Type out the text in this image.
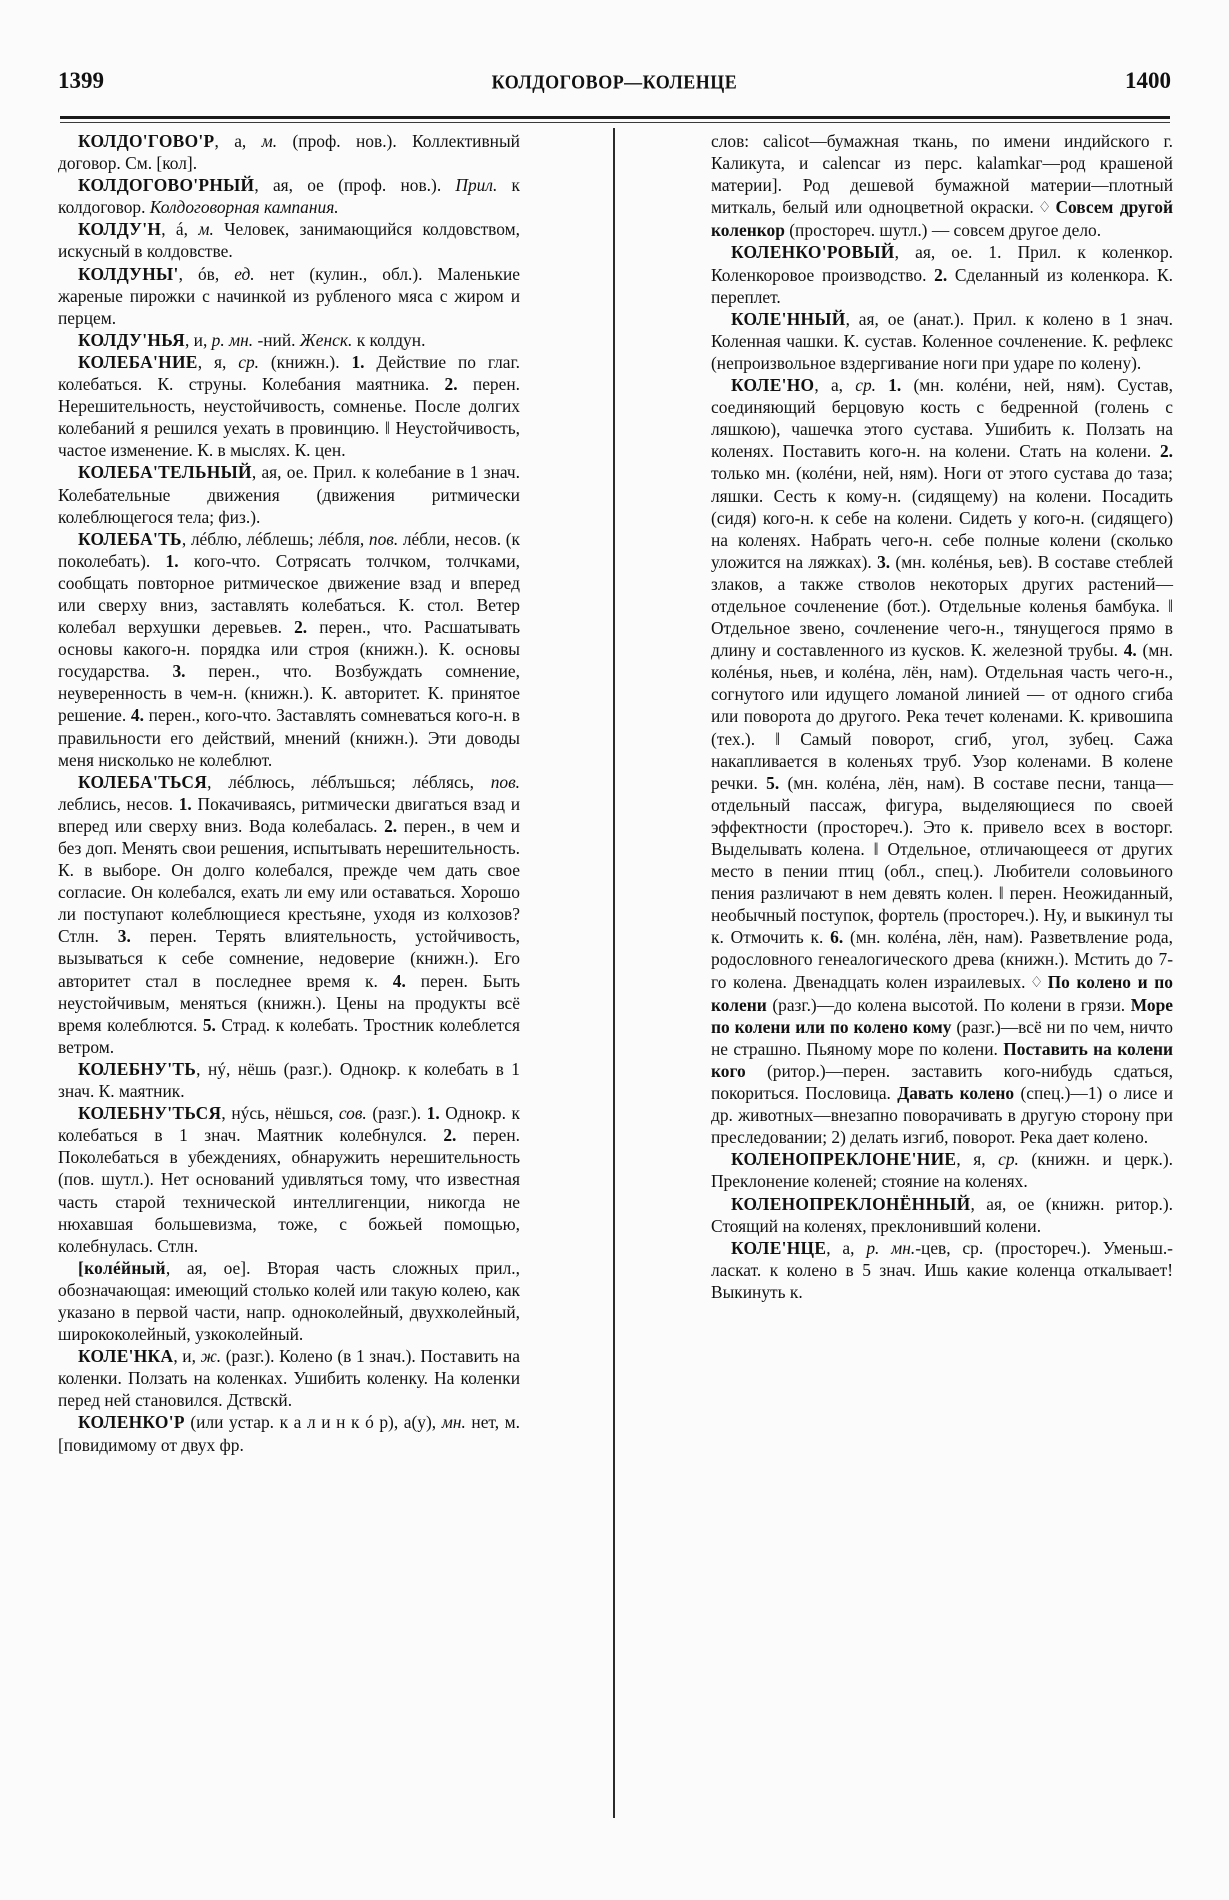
1399	КОЛДОГОВОР—КОЛЕНЦЕ	1400

КОЛДО'ГОВО'Р, а, м. (проф. нов.). Коллективный договор. См. [кол].

КОЛДОГОВО'РНЫЙ, ая, ое (проф. нов.). Прил. к колдоговор. Колдоговорная кампания.

КОЛДУ'Н, á, м. Человек, занимающийся колдовством, искусный в колдовстве.

КОЛДУНЫ', óв, ед. нет (кулин., обл.). Маленькие жареные пирожки с начинкой из рубленого мяса с жиром и перцем.

КОЛДУ'НЬЯ, и, р. мн. -ний. Женск. к колдун.

КОЛЕБА'НИЕ, я, ср. (книжн.). 1. Действие по глаг. колебаться. К. струны. Колебания маятника. 2. перен. Нерешительность, неустойчивость, сомненье. После долгих колебаний я решился уехать в провинцию. ‖ Неустойчивость, частое изменение. К. в мыслях. К. цен.

КОЛЕБА'ТЕЛЬНЫЙ, ая, ое. Прил. к колебание в 1 знач. Колебательные движения (движения ритмически колеблющегося тела; физ.).

КОЛЕБА'ТЬ, лéблю, лéблешь; лéбля, пов. лéбли, несов. (к поколебать). 1. кого-что. Сотрясать толчком, толчками, сообщать повторное ритмическое движение взад и вперед или сверху вниз, заставлять колебаться. К. стол. Ветер колебал верхушки деревьев. 2. перен., что. Расшатывать основы какого-н. порядка или строя (книжн.). К. основы государства. 3. перен., что. Возбуждать сомнение, неуверенность в чем-н. (книжн.). К. авторитет. К. принятое решение. 4. перен., кого-что. Заставлять сомневаться кого-н. в правильности его действий, мнений (книжн.). Эти доводы меня нисколько не колеблют.

КОЛЕБА'ТЬСЯ, лéблюсь, лéблъшься; лéблясь, пов. леблись, несов. 1. Покачиваясь, ритмически двигаться взад и вперед или сверху вниз. Вода колебалась. 2. перен., в чем и без доп. Менять свои решения, испытывать нерешительность. К. в выборе. Он долго колебался, прежде чем дать свое согласие. Он колебался, ехать ли ему или оставаться. Хорошо ли поступают колеблющиеся крестьяне, уходя из колхозов? Стлн. 3. перен. Терять влиятельность, устойчивость, вызываться к себе сомнение, недоверие (книжн.). Его авторитет стал в последнее время к. 4. перен. Быть неустойчивым, меняться (книжн.). Цены на продукты всё время колеблются. 5. Страд. к колебать. Тростник колеблется ветром.

КОЛЕБНУ'ТЬ, нý, нёшь (разг.). Однокр. к колебать в 1 знач. К. маятник.

КОЛЕБНУ'ТЬСЯ, нýсь, нёшься, сов. (разг.). 1. Однокр. к колебаться в 1 знач. Маятник колебнулся. 2. перен. Поколебаться в убеждениях, обнаружить нерешительность (пов. шутл.). Нет оснований удивляться тому, что известная часть старой технической интеллигенции, никогда не нюхавшая большевизма, тоже, с божьей помощью, колебнулась. Стлн.

[колéйный, ая, ое]. Вторая часть сложных прил., обозначающая: имеющий столько колей или такую колею, как указано в первой части, напр. одноколейный, двухколейный, ширококолейный, узкоколейный.

КОЛЕ'НКА, и, ж. (разг.). Колено (в 1 знач.). Поставить на коленки. Ползать на коленках. Ушибить коленку. На коленки перед ней становился. Дствскй.

КОЛЕНКО'Р (или устар. к а л и н к ó р), а(у), мн. нет, м. [повидимому от двух фр.

слов: calicot—бумажная ткань, по имени индийского г. Каликута, и calencar из перс. kalamkaг—род крашеной материи]. Род дешевой бумажной материи—плотный миткаль, белый или одноцветной окраски. ♢ Совсем другой коленкор (простореч. шутл.) — совсем другое дело.

КОЛЕНКО'РОВЫЙ, ая, ое. 1. Прил. к коленкор. Коленкоровое производство. 2. Сделанный из коленкора. К. переплет.

КОЛЕ'ННЫЙ, ая, ое (анат.). Прил. к колено в 1 знач. Коленная чашки. К. сустав. Коленное сочленение. К. рефлекс (непроизвольное вздергивание ноги при ударе по колену).

КОЛЕ'НО, а, ср. 1. (мн. колéни, ней, ням). Сустав, соединяющий берцовую кость с бедренной (голень с ляшкою), чашечка этого сустава. Ушибить к. Ползать на коленях. Поставить кого-н. на колени. Стать на колени. 2. только мн. (колéни, ней, ням). Ноги от этого сустава до таза; ляшки. Сесть к кому-н. (сидящему) на колени. Посадить (сидя) кого-н. к себе на колени. Сидеть у кого-н. (сидящего) на коленях. Набрать чего-н. себе полные колени (сколько уложится на ляжках). 3. (мн. колéнья, ьев). В составе стеблей злаков, а также стволов некоторых других растений—отдельное сочленение (бот.). Отдельные коленья бамбука. ‖ Отдельное звено, сочленение чего-н., тянущегося прямо в длину и составленного из кусков. К. железной трубы. 4. (мн. колéнья, ньев, и колéна, лён, нам). Отдельная часть чего-н., согнутого или идущего ломаной линией — от одного сгиба или поворота до другого. Река течет коленами. К. кривошипа (тех.). ‖ Самый поворот, сгиб, угол, зубец. Сажа накапливается в коленьях труб. Узор коленами. В колене речки. 5. (мн. колéна, лён, нам). В составе песни, танца—отдельный пассаж, фигура, выделяющиеся по своей эффектности (простореч.). Это к. привело всех в восторг. Выделывать колена. ‖ Отдельное, отличающееся от других место в пении птиц (обл., спец.). Любители соловьиного пения различают в нем девять колен. ‖ перен. Неожиданный, необычный поступок, фортель (простореч.). Ну, и выкинул ты к. Отмочить к. 6. (мн. колéна, лён, нам). Разветвление рода, родословного генеалогического древа (книжн.). Мстить до 7-го колена. Двенадцать колен израилевых. ♢ По колено и по колени (разг.)—до колена высотой. По колени в грязи. Море по колени или по колено кому (разг.)—всё ни по чем, ничто не страшно. Пьяному море по колени. Поставить на колени кого (ритор.)—перен. заставить кого-нибудь сдаться, покориться. Пословица. Давать колено (спец.)—1) о лисе и др. животных—внезапно поворачивать в другую сторону при преследовании; 2) делать изгиб, поворот. Река дает колено.

КОЛЕНОПРЕКЛОНЕ'НИЕ, я, ср. (книжн. и церк.). Преклонение коленей; стояние на коленях.

КОЛЕНОПРЕКЛОНЁННЫЙ, ая, ое (книжн. ритор.). Стоящий на коленях, преклонивший колени.

КОЛЕ'НЦЕ, а, р. мн.-цев, ср. (простореч.). Уменьш.-ласкат. к колено в 5 знач. Ишь какие коленца откалывает! Выкинуть к.
